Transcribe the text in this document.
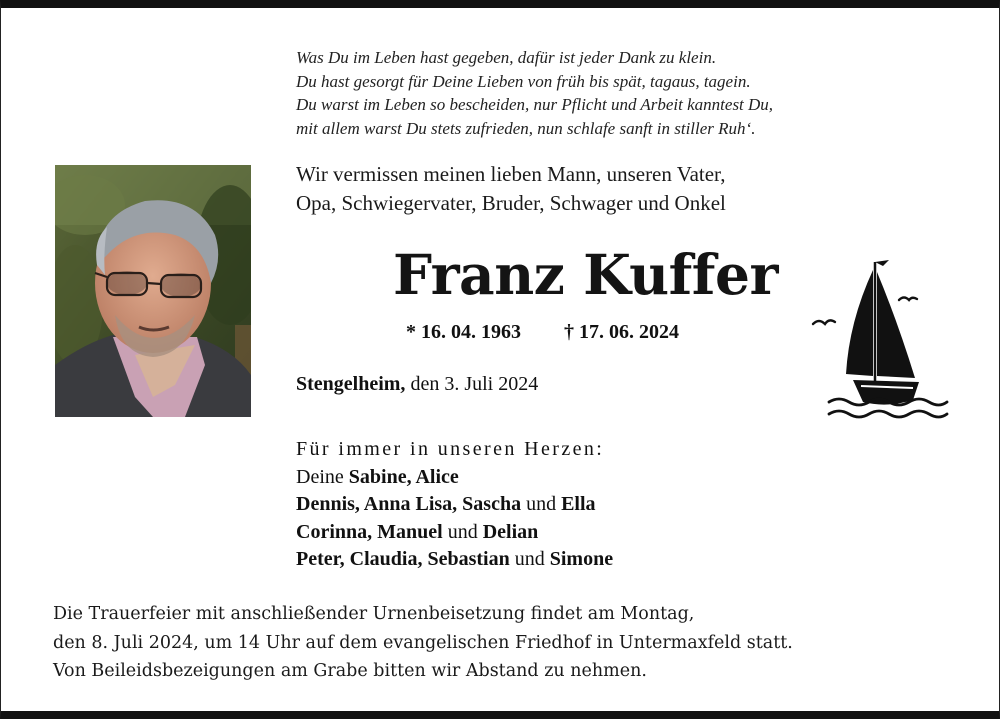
Was Du im Leben hast gegeben, dafür ist jeder Dank zu klein.
Du hast gesorgt für Deine Lieben von früh bis spät, tagaus, tagein.
Du warst im Leben so bescheiden, nur Pflicht und Arbeit kanntest Du,
mit allem warst Du stets zufrieden, nun schlafe sanft in stiller Ruh‘.
Wir vermissen meinen lieben Mann, unseren Vater,
Opa, Schwiegervater, Bruder, Schwager und Onkel
Franz Kuffer
* 16. 04. 1963 † 17. 06. 2024
Stengelheim, den 3. Juli 2024
Für immer in unseren Herzen:
Deine Sabine, Alice
Dennis, Anna Lisa, Sascha und Ella
Corinna, Manuel und Delian
Peter, Claudia, Sebastian und Simone
Die Trauerfeier mit anschließender Urnenbeisetzung findet am Montag,
den 8. Juli 2024, um 14 Uhr auf dem evangelischen Friedhof in Untermaxfeld statt.
Von Beileidsbezeigungen am Grabe bitten wir Abstand zu nehmen.
